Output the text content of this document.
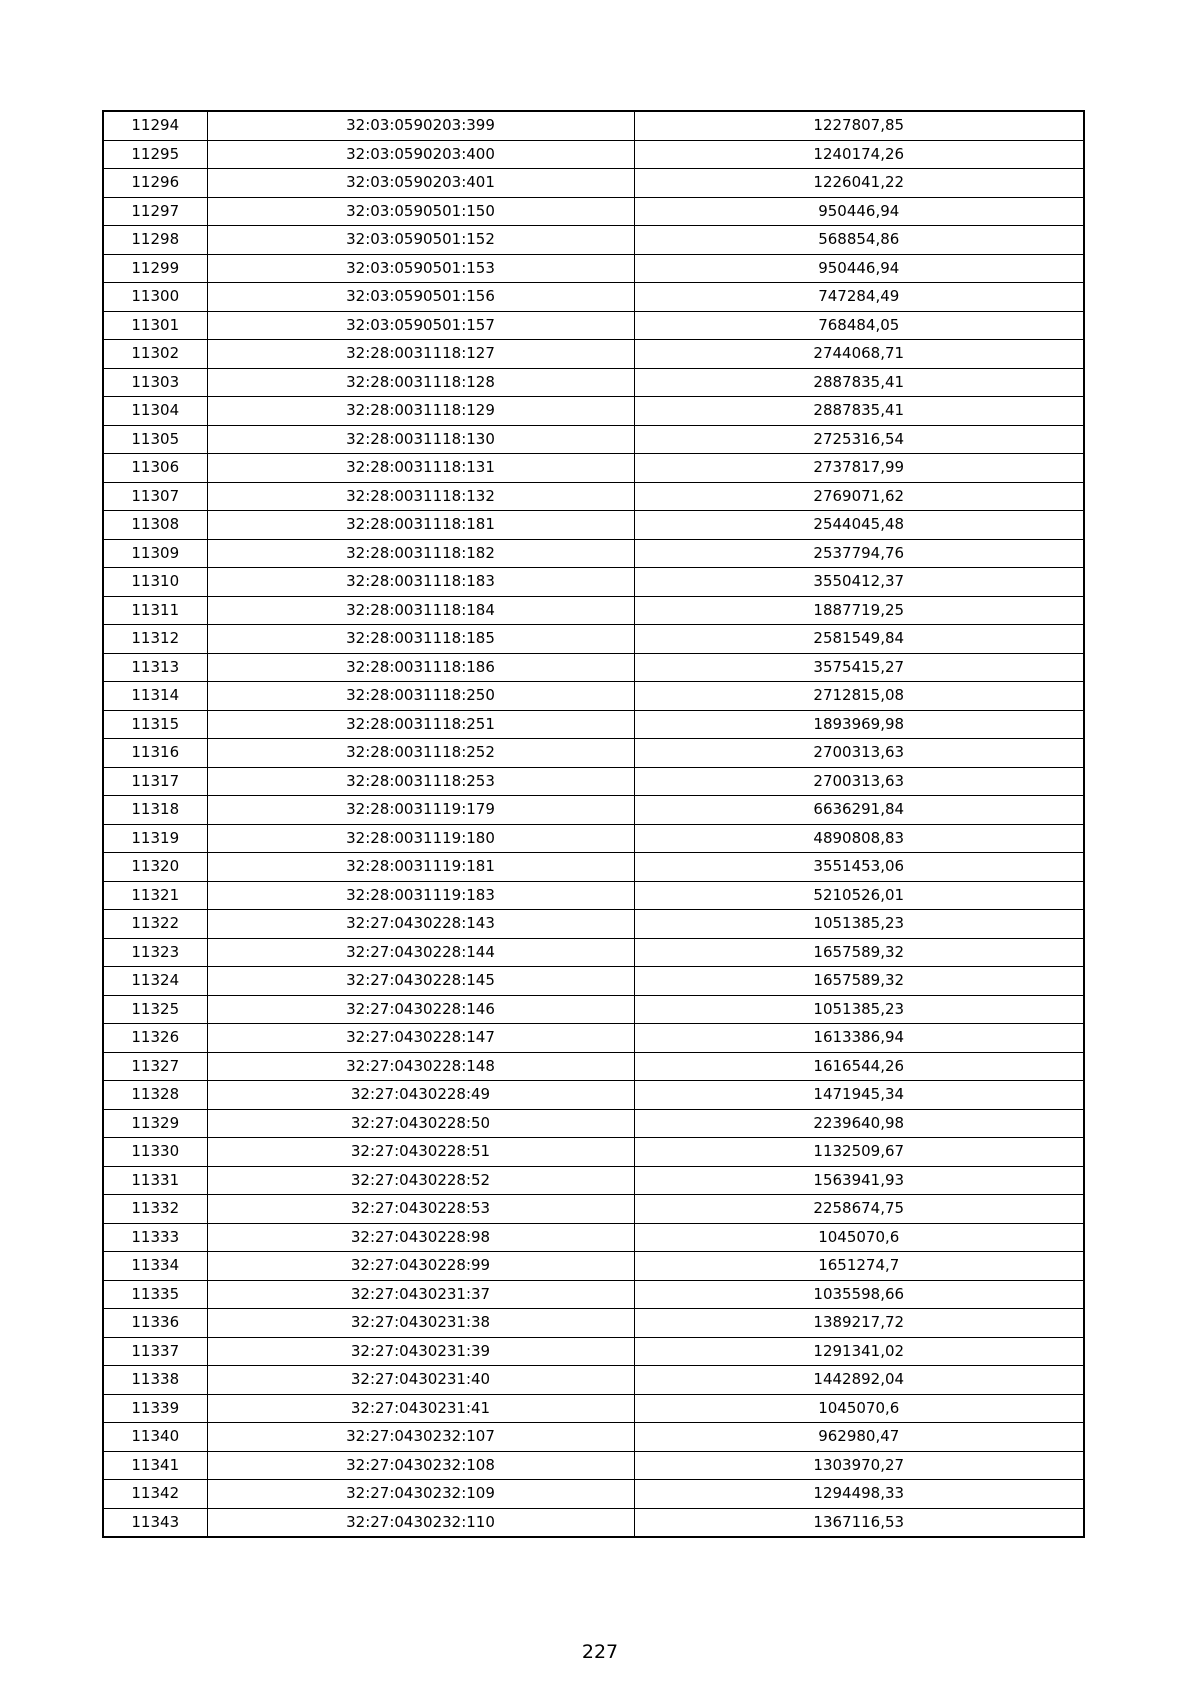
11294	32:03:0590203:399	1227807,85
11295	32:03:0590203:400	1240174,26
11296	32:03:0590203:401	1226041,22
11297	32:03:0590501:150	950446,94
11298	32:03:0590501:152	568854,86
11299	32:03:0590501:153	950446,94
11300	32:03:0590501:156	747284,49
11301	32:03:0590501:157	768484,05
11302	32:28:0031118:127	2744068,71
11303	32:28:0031118:128	2887835,41
11304	32:28:0031118:129	2887835,41
11305	32:28:0031118:130	2725316,54
11306	32:28:0031118:131	2737817,99
11307	32:28:0031118:132	2769071,62
11308	32:28:0031118:181	2544045,48
11309	32:28:0031118:182	2537794,76
11310	32:28:0031118:183	3550412,37
11311	32:28:0031118:184	1887719,25
11312	32:28:0031118:185	2581549,84
11313	32:28:0031118:186	3575415,27
11314	32:28:0031118:250	2712815,08
11315	32:28:0031118:251	1893969,98
11316	32:28:0031118:252	2700313,63
11317	32:28:0031118:253	2700313,63
11318	32:28:0031119:179	6636291,84
11319	32:28:0031119:180	4890808,83
11320	32:28:0031119:181	3551453,06
11321	32:28:0031119:183	5210526,01
11322	32:27:0430228:143	1051385,23
11323	32:27:0430228:144	1657589,32
11324	32:27:0430228:145	1657589,32
11325	32:27:0430228:146	1051385,23
11326	32:27:0430228:147	1613386,94
11327	32:27:0430228:148	1616544,26
11328	32:27:0430228:49	1471945,34
11329	32:27:0430228:50	2239640,98
11330	32:27:0430228:51	1132509,67
11331	32:27:0430228:52	1563941,93
11332	32:27:0430228:53	2258674,75
11333	32:27:0430228:98	1045070,6
11334	32:27:0430228:99	1651274,7
11335	32:27:0430231:37	1035598,66
11336	32:27:0430231:38	1389217,72
11337	32:27:0430231:39	1291341,02
11338	32:27:0430231:40	1442892,04
11339	32:27:0430231:41	1045070,6
11340	32:27:0430232:107	962980,47
11341	32:27:0430232:108	1303970,27
11342	32:27:0430232:109	1294498,33
11343	32:27:0430232:110	1367116,53
227
